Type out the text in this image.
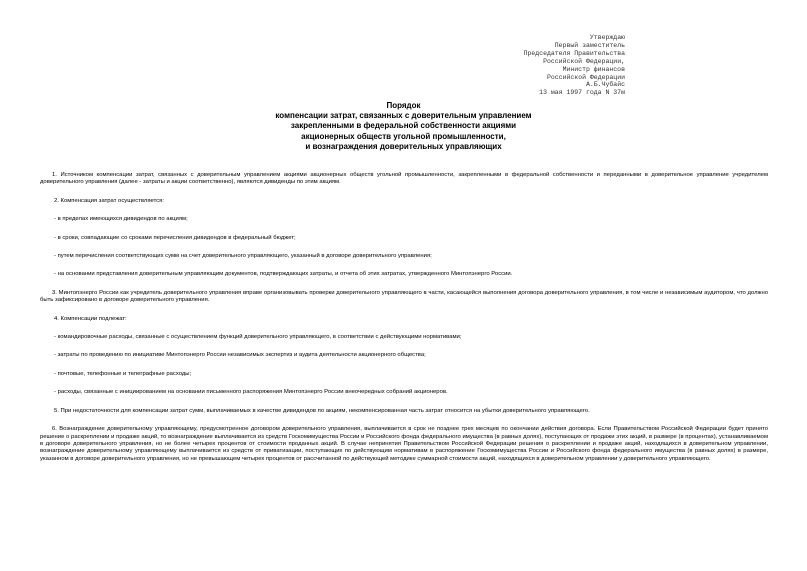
Утверждаю
Первый заместитель
Председателя Правительства
Российской Федерации,
Министр финансов
Российской Федерации
А.Б.Чубайс
13 мая 1997 года N 37м
Порядок
компенсации затрат, связанных с доверительным управлением
закрепленными в федеральной собственности акциями
акционерных обществ угольной промышленности,
и вознаграждения доверительных управляющих

1. Источником компенсации затрат, связанных с доверительным управлением акциями акционерных обществ угольной промышленности, закрепленными в федеральной собственности и переданными в доверительное управление учредителем доверительного управления (далее - затраты и акции соответственно), являются дивиденды по этим акциям.

2. Компенсация затрат осуществляется:

- в пределах имеющихся дивидендов по акциям;

- в сроки, совпадающие со сроками перечисления дивидендов в федеральный бюджет;

- путем перечисления соответствующих сумм на счет доверительного управляющего, указанный в договоре доверительного управления;

- на основании представления доверительным управляющим документов, подтверждающих затраты, и отчета об этих затратах, утвержденного Минтопэнерго России.

3. Минтопэнерго России как учредитель доверительного управления вправе организовывать проверки доверительного управляющего в части, касающейся выполнения договора доверительного управления, в том числе и независимым аудитором, что должно быть зафиксировано в договоре доверительного управления.

4. Компенсации подлежат:

- командировочные расходы, связанные с осуществлением функций доверительного управляющего, в соответствии с действующими нормативами;

- затраты по проведению по инициативе Минтопэнерго России независимых экспертиз и аудита деятельности акционерного общества;

- почтовые, телефонные и телеграфные расходы;

- расходы, связанные с инициированием на основании письменного распоряжения Минтопэнерго России внеочередных собраний акционеров.

5. При недостаточности для компенсации затрат сумм, выплачиваемых в качестве дивидендов по акциям, некомпенсированная часть затрат относится на убытки доверительного управляющего.

6. Вознаграждение доверительному управляющему, предусмотренное договором доверительного управления, выплачивается в срок не позднее трех месяцев по окончании действия договора. Если Правительством Российской Федерации будет принято решение о раскреплении и продаже акций, то вознаграждение выплачивается из средств Госкомимущества России и Российского фонда федерального имущества (в равных долях), поступающих от продажи этих акций, в размере (в процентах), устанавливаемом в договоре доверительного управления, но не более четырех процентов от стоимости проданных акций. В случае непринятия Правительством Российской Федерации решения о раскреплении и продаже акций, находящихся в доверительном управлении, вознаграждение доверительному управляющему выплачивается из средств от приватизации, поступающих по действующим нормативам в распоряжение Госкомимущества России и Российского фонда федерального имущества (в равных долях) в размере, указанном в договоре доверительного управления, но не превышающем четырех процентов от рассчитанной по действующей методике суммарной стоимости акций, находящихся в доверительном управлении у доверительного управляющего.
